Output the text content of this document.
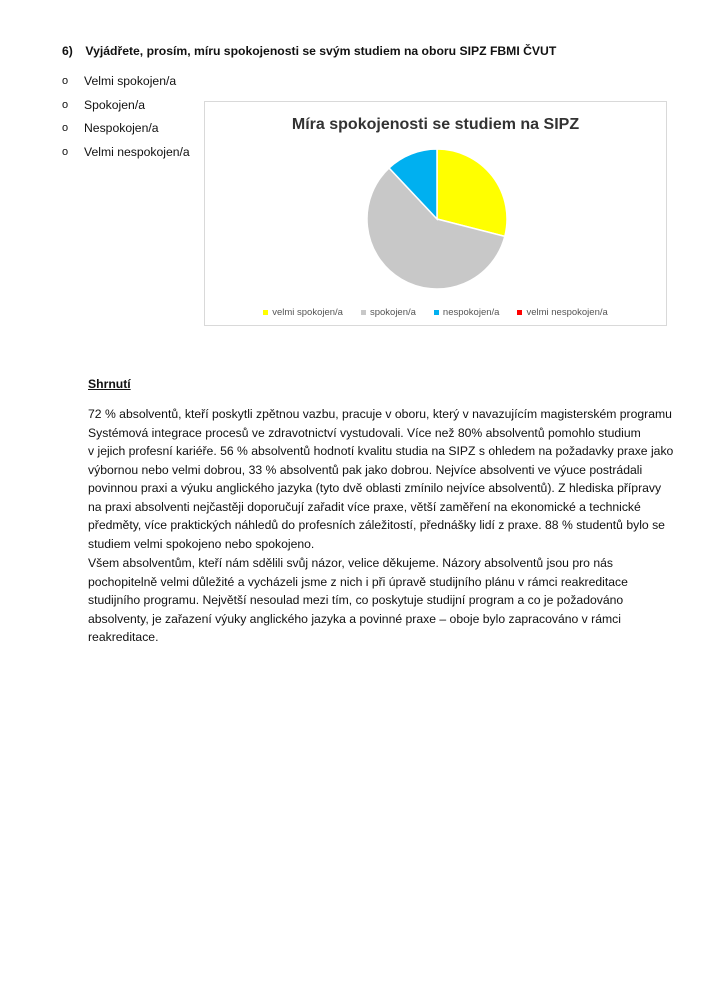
6) Vyjádřete, prosím, míru spokojenosti se svým studiem na oboru SIPZ FBMI ČVUT
o Velmi spokojen/a
o Spokojen/a
o Nespokojen/a
o Velmi nespokojen/a
Míra spokojenosti se studiem na SIPZ
velmi spokojen/a	spokojen/a	nespokojen/a	velmi nespokojen/a
Shrnutí

72 % absolventů, kteří poskytli zpětnou vazbu, pracuje v oboru, který v navazujícím magisterském programu
Systémová integrace procesů ve zdravotnictví vystudovali. Více než 80% absolventů pomohlo studium
v jejich profesní kariéře. 56 % absolventů hodnotí kvalitu studia na SIPZ s ohledem na požadavky praxe jako
výbornou nebo velmi dobrou, 33 % absolventů pak jako dobrou. Nejvíce absolventi ve výuce postrádali
povinnou praxi a výuku anglického jazyka (tyto dvě oblasti zmínilo nejvíce absolventů). Z hlediska přípravy
na praxi absolventi nejčastěji doporučují zařadit více praxe, větší zaměření na ekonomické a technické
předměty, více praktických náhledů do profesních záležitostí, přednášky lidí z praxe. 88 % studentů bylo se
studiem velmi spokojeno nebo spokojeno.

Všem absolventům, kteří nám sdělili svůj názor, velice děkujeme. Názory absolventů jsou pro nás
pochopitelně velmi důležité a vycházeli jsme z nich i při úpravě studijního plánu v rámci reakreditace
studijního programu. Největší nesoulad mezi tím, co poskytuje studijní program a co je požadováno
absolventy, je zařazení výuky anglického jazyka a povinné praxe – oboje bylo zapracováno v rámci
reakreditace.
